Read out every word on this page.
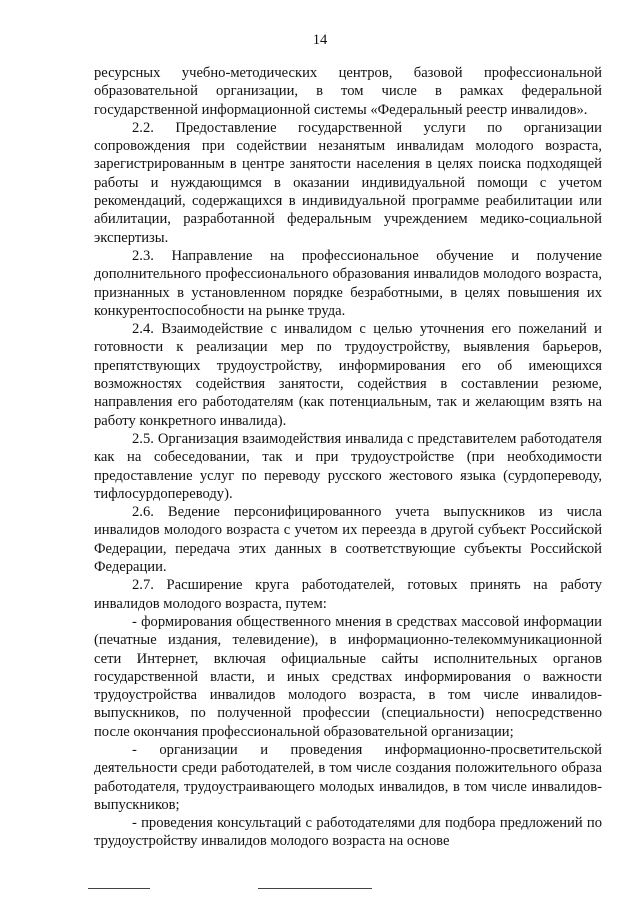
14

ресурсных учебно-методических центров, базовой профессиональной образовательной организации, в том числе в рамках федеральной государственной информационной системы «Федеральный реестр инвалидов».

2.2. Предоставление государственной услуги по организации сопровождения при содействии незанятым инвалидам молодого возраста, зарегистрированным в центре занятости населения в целях поиска подходящей работы и нуждающимся в оказании индивидуальной помощи с учетом рекомендаций, содержащихся в индивидуальной программе реабилитации или абилитации, разработанной федеральным учреждением медико-социальной экспертизы.

2.3. Направление на профессиональное обучение и получение дополнительного профессионального образования инвалидов молодого возраста, признанных в установленном порядке безработными, в целях повышения их конкурентоспособности на рынке труда.

2.4. Взаимодействие с инвалидом с целью уточнения его пожеланий и готовности к реализации мер по трудоустройству, выявления барьеров, препятствующих трудоустройству, информирования его об имеющихся возможностях содействия занятости, содействия в составлении резюме, направления его работодателям (как потенциальным, так и желающим взять на работу конкретного инвалида).

2.5. Организация взаимодействия инвалида с представителем работодателя как на собеседовании, так и при трудоустройстве (при необходимости предоставление услуг по переводу русского жестового языка (сурдопереводу, тифлосурдопереводу).

2.6. Ведение персонифицированного учета выпускников из числа инвалидов молодого возраста с учетом их переезда в другой субъект Российской Федерации, передача этих данных в соответствующие субъекты Российской Федерации.

2.7. Расширение круга работодателей, готовых принять на работу инвалидов молодого возраста, путем:

- формирования общественного мнения в средствах массовой информации (печатные издания, телевидение), в информационно-телекоммуникационной сети Интернет, включая официальные сайты исполнительных органов государственной власти, и иных средствах информирования о важности трудоустройства инвалидов молодого возраста, в том числе инвалидов-выпускников, по полученной профессии (специальности) непосредственно после окончания профессиональной образовательной организации;

- организации и проведения информационно-просветительской деятельности среди работодателей, в том числе создания положительного образа работодателя, трудоустраивающего молодых инвалидов, в том числе инвалидов-выпускников;

- проведения консультаций с работодателями для подбора предложений по трудоустройству инвалидов молодого возраста на основе
